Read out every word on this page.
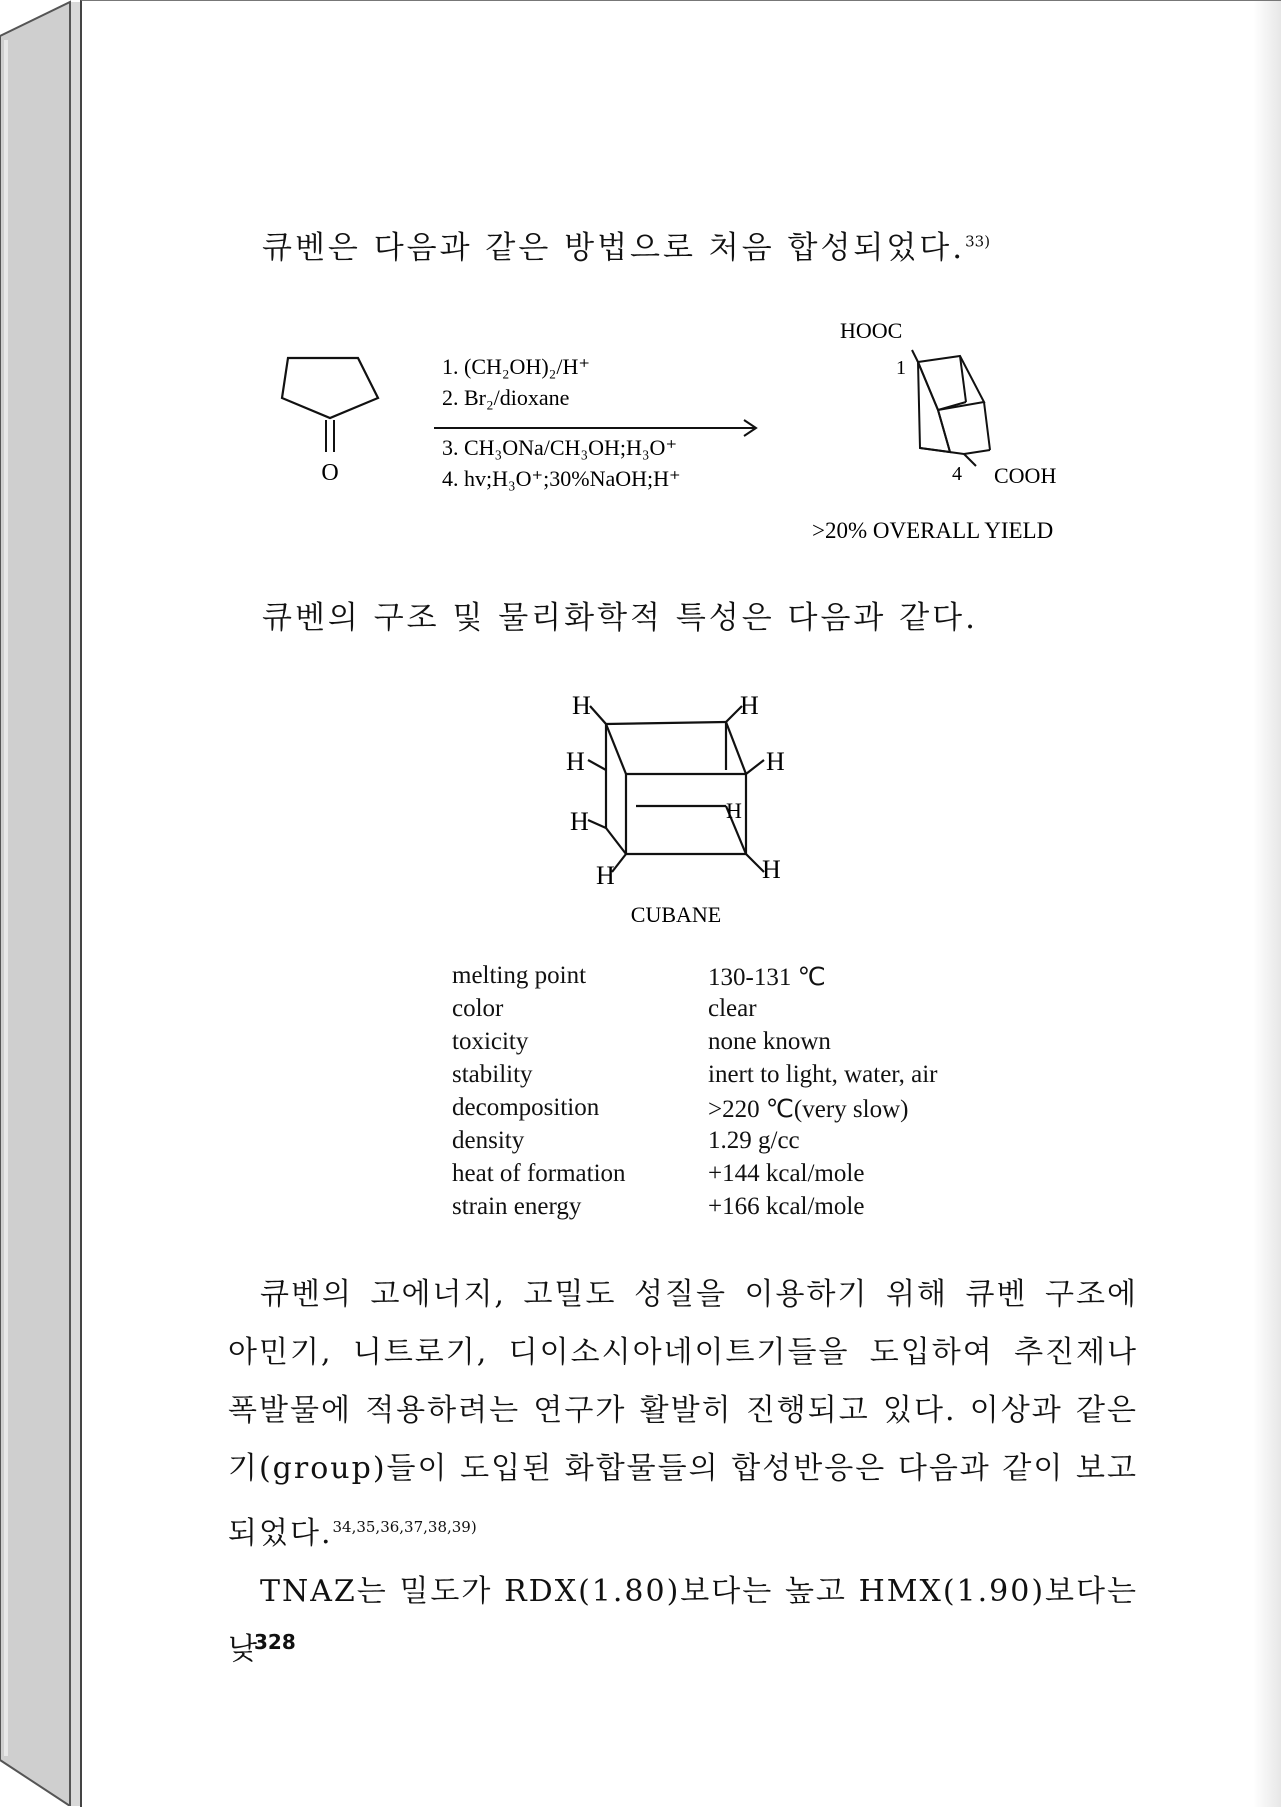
큐벤은 다음과 같은 방법으로 처음 합성되었다.$^{33)}$
O
1. (CH₂OH)₂/H⁺
2. Br₂/dioxane
3. CH₃ONa/CH₃OH;H₃O⁺
4. hv;H₃O⁺;30%NaOH;H⁺
HOOC
1
4 COOH
>20% OVERALL YIELD
큐벤의 구조 및 물리화학적 특성은 다음과 같다.
H	H
H	H
H
H
H	H
CUBANE
melting point	130-131 ℃
color	clear
toxicity	none known
stability	inert to light, water, air
decomposition	>220 ℃(very slow)
density	1.29 g/cc
heat of formation	+144 kcal/mole
strain energy	+166 kcal/mole

큐벤의 고에너지, 고밀도 성질을 이용하기 위해 큐벤 구조에 아민기, 니트로기, 디이소시아네이트기들을 도입하여 추진제나 폭발물에 적용하려는 연구가 활발히 진행되고 있다. 이상과 같은 기(group)들이 도입된 화합물들의 합성반응은 다음과 같이 보고 되었다.$^{34,35,36,37,38,39)}$

TNAZ는 밀도가 RDX(1.80)보다는 높고 HMX(1.90)보다는 낮

328
